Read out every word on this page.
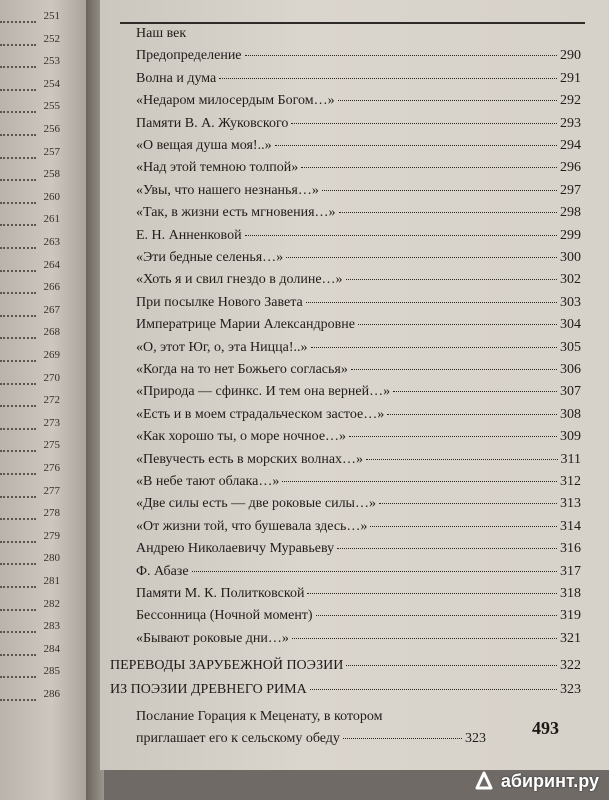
251
252
253
254
255
256
257
258
260
261
263
264
266
267
268
269
270
272
273
275
276
277
278
279
280
281
282
283
284
285
286
Наш век
Предопределение	290
Волна и дума	291
«Недаром милосердым Богом…»	292
Памяти В. А. Жуковского	293
«О вещая душа моя!..»	294
«Над этой темною толпой»	296
«Увы, что нашего незнанья…»	297
«Так, в жизни есть мгновения…»	298
Е. Н. Анненковой	299
«Эти бедные селенья…»	300
«Хоть я и свил гнездо в долине…»	302
При посылке Нового Завета	303
Императрице Марии Александровне	304
«О, этот Юг, о, эта Ницца!..»	305
«Когда на то нет Божьего согласья»	306
«Природа — сфинкс. И тем она верней…»	307
«Есть и в моем страдальческом застое…»	308
«Как хорошо ты, о море ночное…»	309
«Певучесть есть в морских волнах…»	311
«В небе тают облака…»	312
«Две силы есть — две роковые силы…»	313
«От жизни той, что бушевала здесь…»	314
Андрею Николаевичу Муравьеву	316
Ф. Абазе	317
Памяти М. К. Политковской	318
Бессонница (Ночной момент)	319
«Бывают роковые дни…»	321
ПЕРЕВОДЫ ЗАРУБЕЖНОЙ ПОЭЗИИ	322
ИЗ ПОЭЗИИ ДРЕВНЕГО РИМА	323
Послание Горация к Меценату, в котором
приглашает его к сельскому обеду	323
493
абиринт.ру
